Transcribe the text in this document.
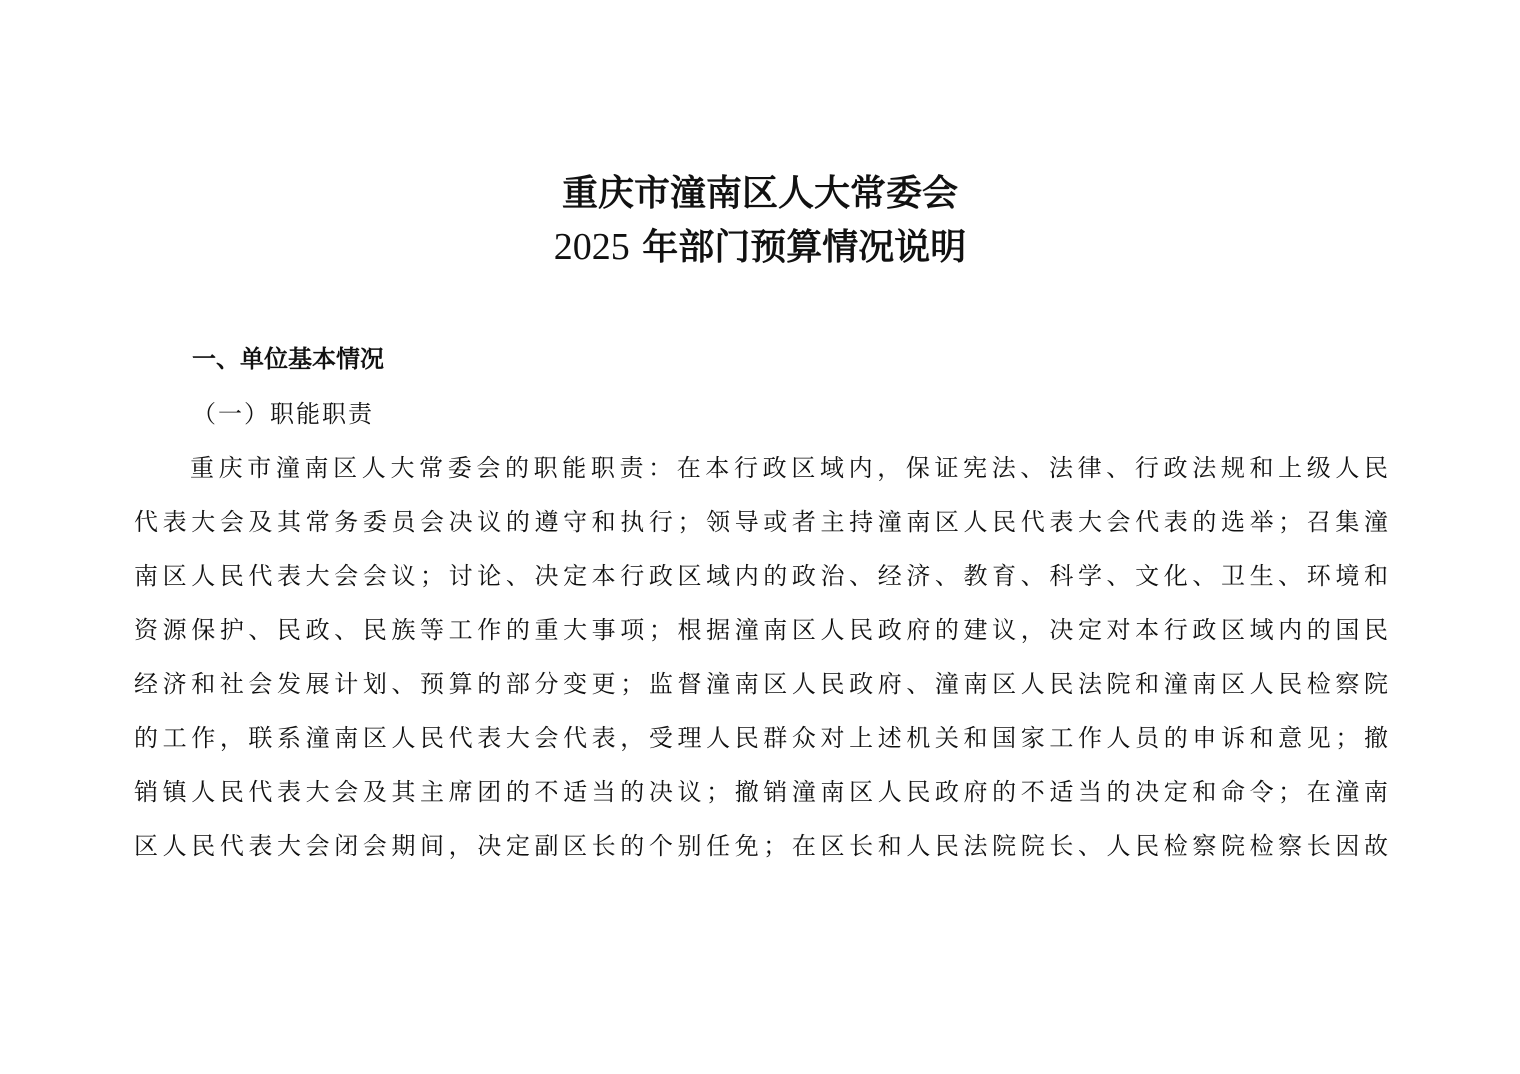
重庆市潼南区人大常委会
2025 年部门预算情况说明
一、单位基本情况
（一）职能职责
重庆市潼南区人大常委会的职能职责：在本行政区域内，保证宪法、法律、行政法规和上级人民
代表大会及其常务委员会决议的遵守和执行；领导或者主持潼南区人民代表大会代表的选举；召集潼
南区人民代表大会会议；讨论、决定本行政区域内的政治、经济、教育、科学、文化、卫生、环境和
资源保护、民政、民族等工作的重大事项；根据潼南区人民政府的建议，决定对本行政区域内的国民
经济和社会发展计划、预算的部分变更；监督潼南区人民政府、潼南区人民法院和潼南区人民检察院
的工作，联系潼南区人民代表大会代表，受理人民群众对上述机关和国家工作人员的申诉和意见；撤
销镇人民代表大会及其主席团的不适当的决议；撤销潼南区人民政府的不适当的决定和命令；在潼南
区人民代表大会闭会期间，决定副区长的个别任免；在区长和人民法院院长、人民检察院检察长因故
